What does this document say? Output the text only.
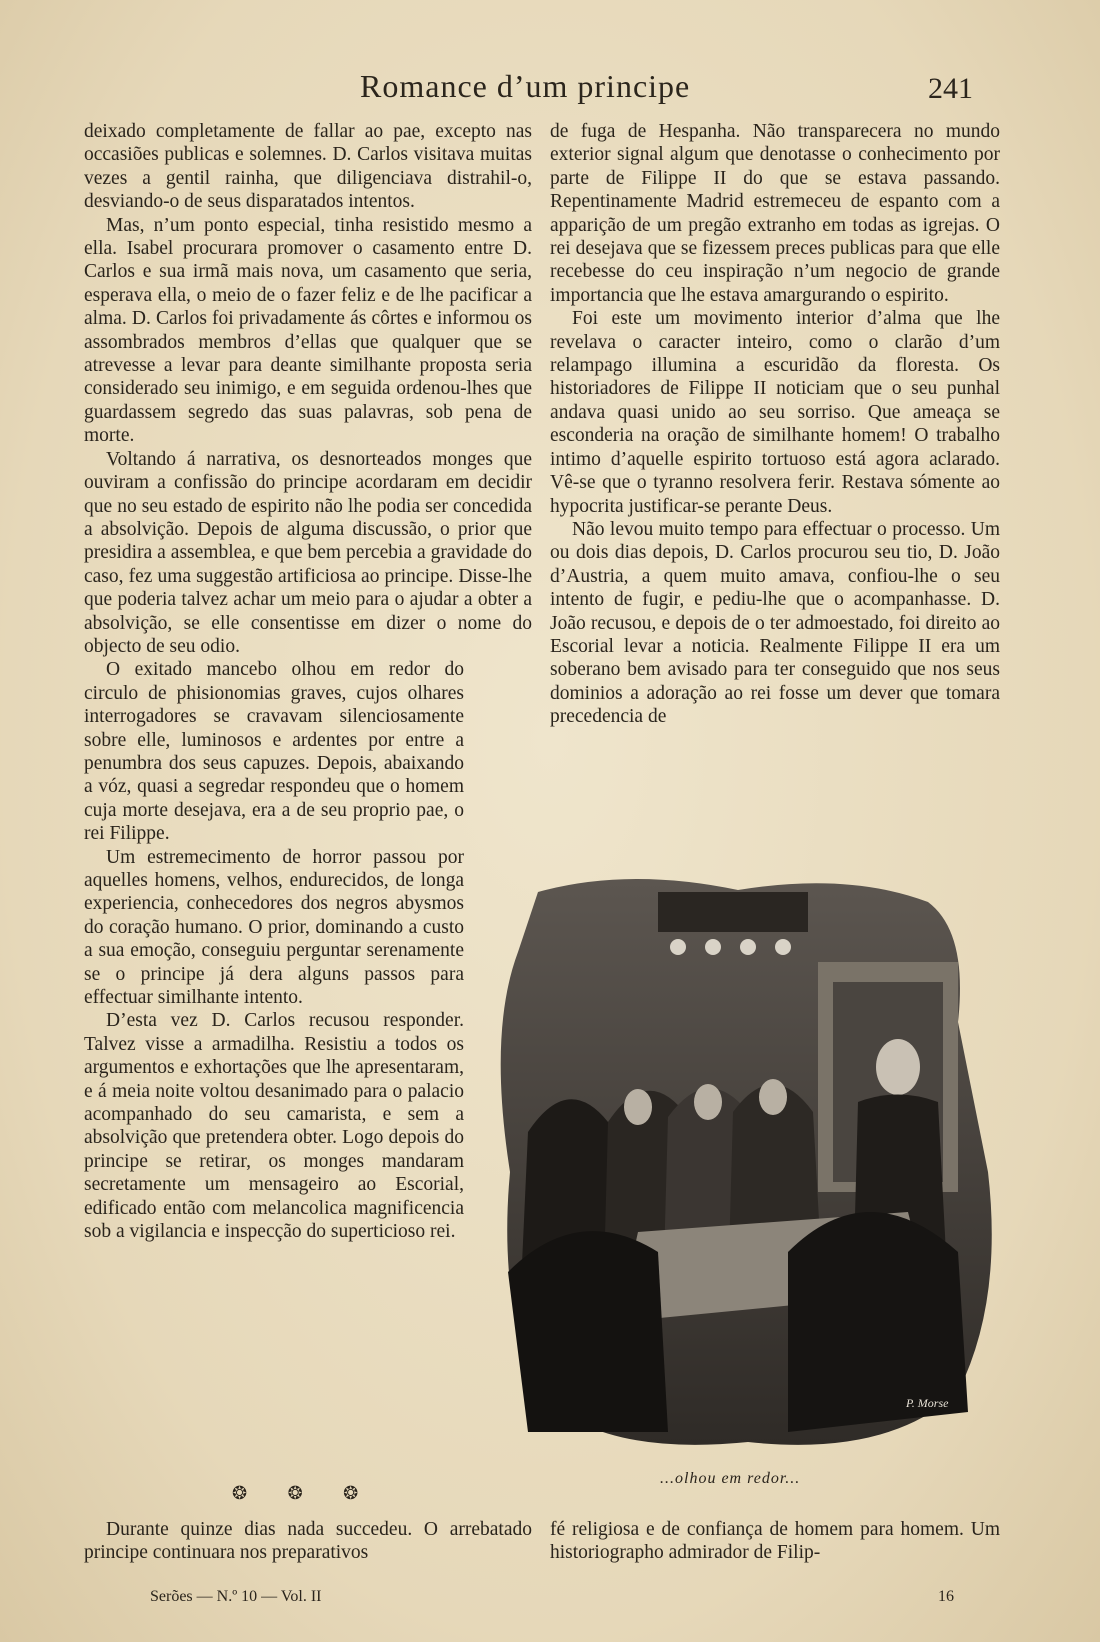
Romance d’um principe	241

deixado completamente de fallar ao pae, excepto nas occasiões publicas e solemnes. D. Carlos visitava muitas vezes a gentil rainha, que diligenciava distrahil-o, desviando-o de seus disparatados intentos.

Mas, n’um ponto especial, tinha resistido mesmo a ella. Isabel procurara promover o casamento entre D. Carlos e sua irmã mais nova, um casamento que seria, esperava ella, o meio de o fazer feliz e de lhe pacificar a alma. D. Carlos foi privadamente ás côrtes e informou os assombrados membros d’ellas que qualquer que se atrevesse a levar para deante similhante proposta seria considerado seu inimigo, e em seguida ordenou-lhes que guardassem segredo das suas palavras, sob pena de morte.

Voltando á narrativa, os desnorteados monges que ouviram a confissão do principe acordaram em decidir que no seu estado de espirito não lhe podia ser concedida a absolvição. Depois de alguma discussão, o prior que presidira a assemblea, e que bem percebia a gravidade do caso, fez uma suggestão artificiosa ao principe. Disse-lhe que poderia talvez achar um meio para o ajudar a obter a absolvição, se elle consentisse em dizer o nome do objecto de seu odio.

O exitado mancebo olhou em redor do circulo de phisionomias graves, cujos olhares interrogadores se cravavam silenciosamente sobre elle, luminosos e ardentes por entre a penumbra dos seus capuzes. Depois, abaixando a vóz, quasi a segredar respondeu que o homem cuja morte desejava, era a de seu proprio pae, o rei Filippe.

Um estremecimento de horror passou por aquelles homens, velhos, endurecidos, de longa experiencia, conhecedores dos negros abysmos do coração humano. O prior, dominando a custo a sua emoção, conseguiu perguntar serenamente se o principe já dera alguns passos para effectuar similhante intento.

D’esta vez D. Carlos recusou responder. Talvez visse a armadilha. Resistiu a todos os argumentos e exhortações que lhe apresentaram, e á meia noite voltou desanimado para o palacio acompanhado do seu camarista, e sem a absolvição que pretendera obter. Logo depois do principe se retirar, os monges mandaram secretamente um mensageiro ao Escorial, edificado então com melancolica magnificencia sob a vigilancia e inspecção do superticioso rei.

de fuga de Hespanha. Não transparecera no mundo exterior signal algum que denotasse o conhecimento por parte de Filippe II do que se estava passando. Repentinamente Madrid estremeceu de espanto com a apparição de um pregão extranho em todas as igrejas. O rei desejava que se fizessem preces publicas para que elle recebesse do ceu inspiração n’um negocio de grande importancia que lhe estava amargurando o espirito.

Foi este um movimento interior d’alma que lhe revelava o caracter inteiro, como o clarão d’um relampago illumina a escuridão da floresta. Os historiadores de Filippe II noticiam que o seu punhal andava quasi unido ao seu sorriso. Que ameaça se esconderia na oração de similhante homem! O trabalho intimo d’aquelle espirito tortuoso está agora aclarado. Vê-se que o tyranno resolvera ferir. Restava sómente ao hypocrita justificar-se perante Deus.

Não levou muito tempo para effectuar o processo. Um ou dois dias depois, D. Carlos procurou seu tio, D. João d’Austria, a quem muito amava, confiou-lhe o seu intento de fugir, e pediu-lhe que o acompanhasse. D. João recusou, e depois de o ter admoestado, foi direito ao Escorial levar a noticia. Realmente Filippe II era um soberano bem avisado para ter conseguido que nos seus dominios a adoração ao rei fosse um dever que tomara precedencia de

P. Morse
...olhou em redor...
❂ ❂ ❂

Durante quinze dias nada succedeu. O arrebatado principe continuara nos preparativos

fé religiosa e de confiança de homem para homem. Um historiographo admirador de Filip-

Serões — N.º 10 — Vol. II	16
